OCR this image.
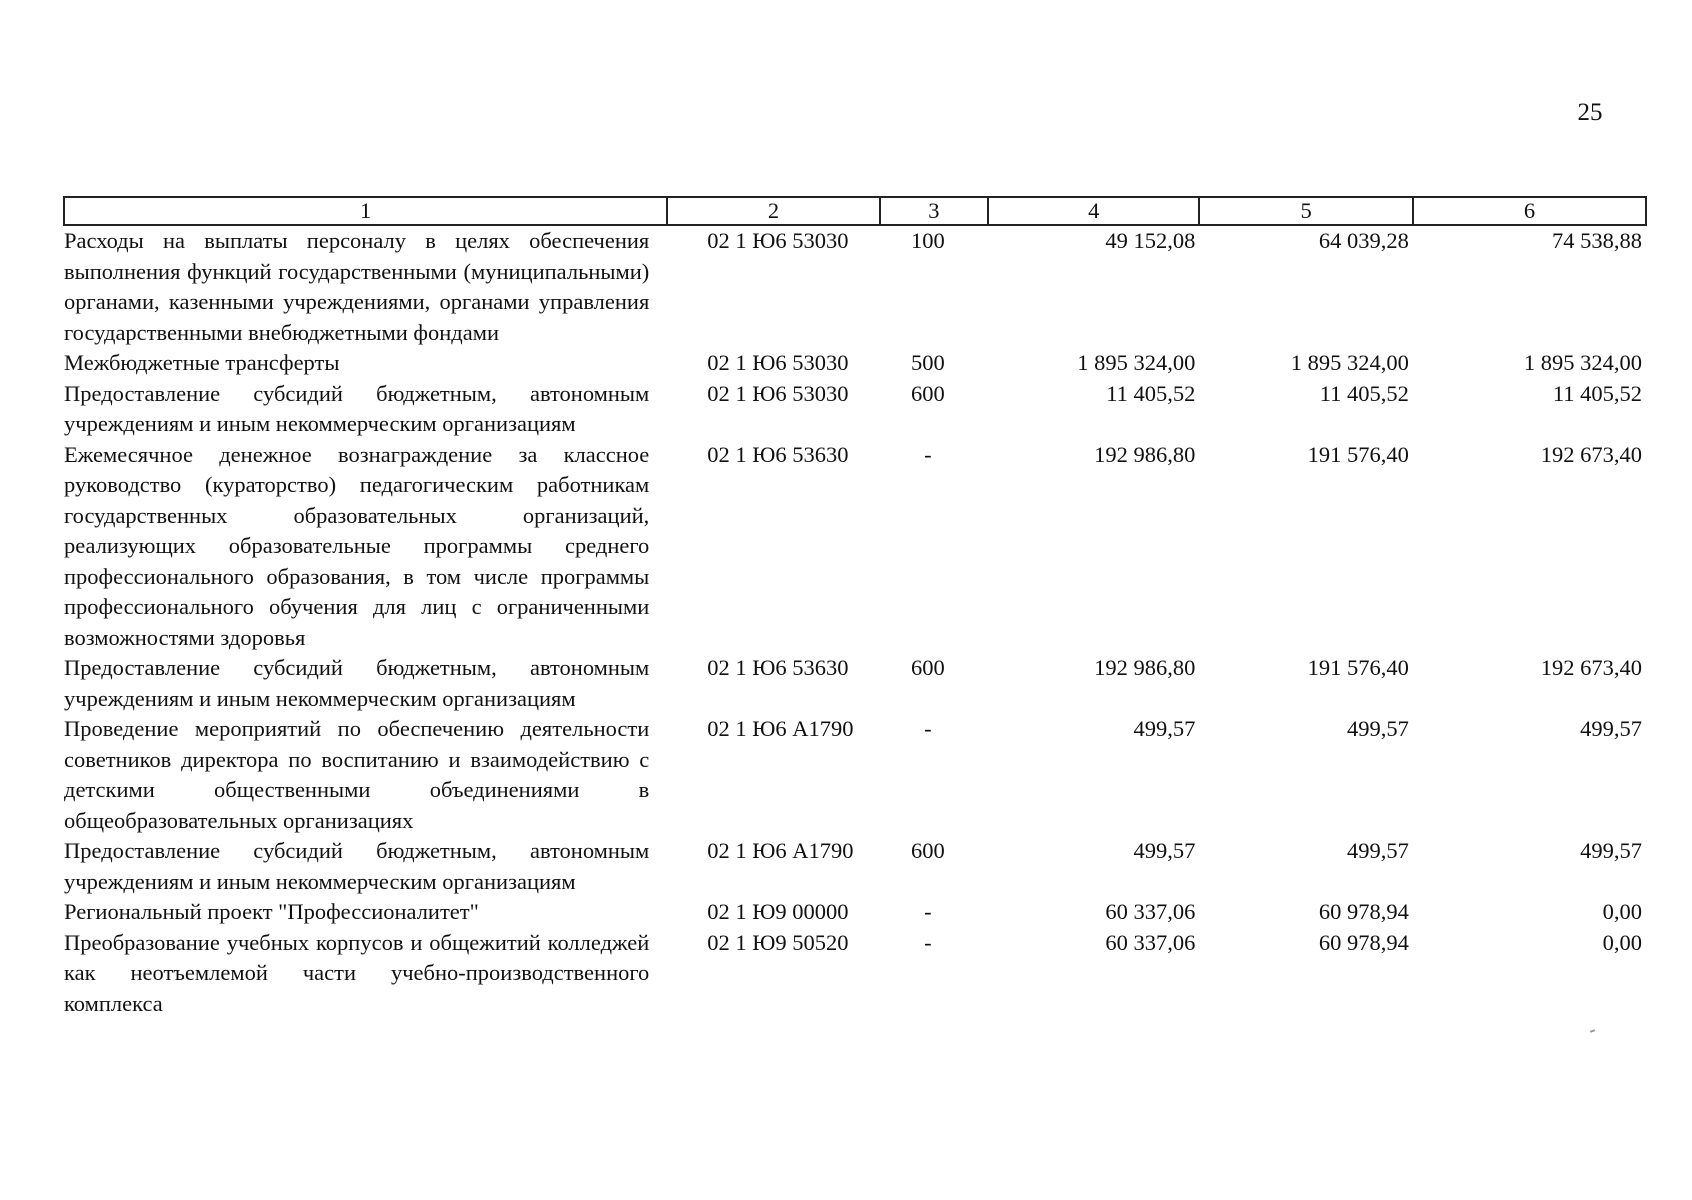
25
1	2	3	4	5	6
Расходы на выплаты персоналу в целях обеспечения выполнения функций государственными (муниципальными) органами, казенными учреждениями, органами управления государственными внебюджетными фондами	02 1 Ю6 53030	100	49 152,08	64 039,28	74 538,88
Межбюджетные трансферты	02 1 Ю6 53030	500	1 895 324,00	1 895 324,00	1 895 324,00
Предоставление субсидий бюджетным, автономным учреждениям и иным некоммерческим организациям	02 1 Ю6 53030	600	11 405,52	11 405,52	11 405,52
Ежемесячное денежное вознаграждение за классное руководство (кураторство) педагогическим работникам государственных образовательных организаций, реализующих образовательные программы среднего профессионального образования, в том числе программы профессионального обучения для лиц с ограниченными возможностями здоровья	02 1 Ю6 53630	-	192 986,80	191 576,40	192 673,40
Предоставление субсидий бюджетным, автономным учреждениям и иным некоммерческим организациям	02 1 Ю6 53630	600	192 986,80	191 576,40	192 673,40
Проведение мероприятий по обеспечению деятельности советников директора по воспитанию и взаимодействию с детскими общественными объединениями в общеобразовательных организациях	02 1 Ю6 А1790	-	499,57	499,57	499,57
Предоставление субсидий бюджетным, автономным учреждениям и иным некоммерческим организациям	02 1 Ю6 А1790	600	499,57	499,57	499,57
Региональный проект "Профессионалитет"	02 1 Ю9 00000	-	60 337,06	60 978,94	0,00
Преобразование учебных корпусов и общежитий колледжей как неотъемлемой части учебно-производственного комплекса	02 1 Ю9 50520	-	60 337,06	60 978,94	0,00
